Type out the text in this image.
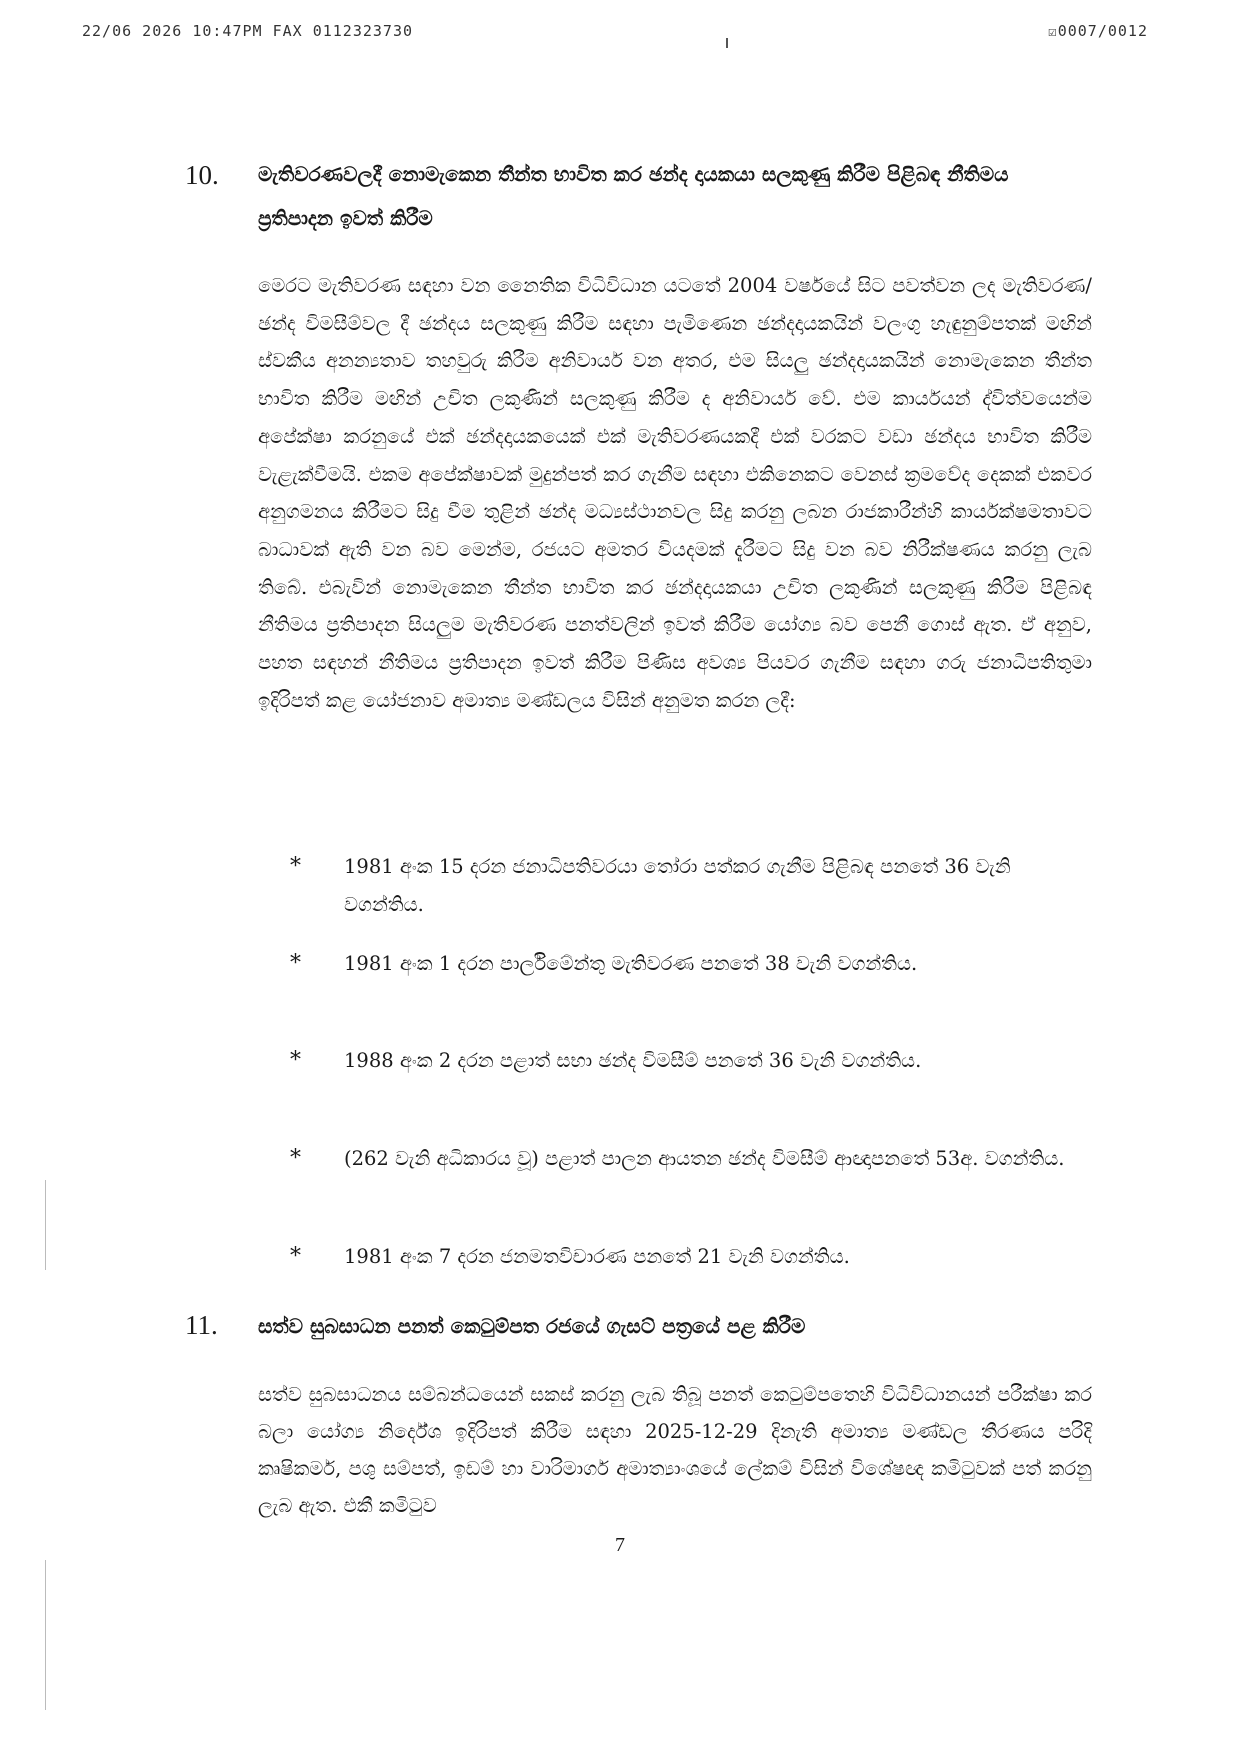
22/06 2026 10:47PM FAX 0112323730	☑0007/0012
10. මැතිවරණවලදී නොමැකෙන තීන්ත භාවිත කර ඡන්ද දායකයා සලකුණු කිරීම පිළිබඳ නීතිමය ප්‍රතිපාදන ඉවත් කිරීම
මෙරට මැතිවරණ සඳහා වන නෛතික විධිවිධාන යටතේ 2004 වර්ෂයේ සිට පවත්වන ලද මැතිවරණ/ඡන්ද විමසීම්වල දී ඡන්දය සලකුණු කිරීම සඳහා පැමිණෙන ඡන්දදායකයින් වලංගු හැඳුනුම්පතක් මඟින් ස්වකීය අනන්‍යතාව තහවුරු කිරීම අනිවාර්ය වන අතර, එම සියලු ඡන්දදායකයින් නොමැකෙන තීන්ත භාවිත කිරීම මඟින් උචිත ලකුණින් සලකුණු කිරීම ද අනිවාර්ය වේ. එම කාර්යයන් ද්විත්වයෙන්ම අපේක්ෂා කරනුයේ එක් ඡන්දදායකයෙක් එක් මැතිවරණයකදී එක් වරකට වඩා ඡන්දය භාවිත කිරීම වැළැක්වීමයි. එකම අපේක්ෂාවක් මුදුන්පත් කර ගැනීම සඳහා එකිනෙකට වෙනස් ක්‍රමවේද දෙකක් එකවර අනුගමනය කිරීමට සිදු වීම තුළින් ඡන්ද මධ්‍යස්ථානවල සිදු කරනු ලබන රාජකාරීන්හි කාර්යක්ෂමතාවට බාධාවක් ඇති වන බව මෙන්ම, රජයට අමතර වියදමක් දැරීමට සිදු වන බව නිරීක්ෂණය කරනු ලැබ තිබේ. එබැවින් නොමැකෙන තීන්ත භාවිත කර ඡන්දදායකයා උචිත ලකුණින් සලකුණු කිරීම පිළිබඳ නීතිමය ප්‍රතිපාදන සියලුම මැතිවරණ පනත්වලින් ඉවත් කිරීම යෝග්‍ය බව පෙනී ගොස් ඇත. ඒ අනුව, පහත සඳහන් නීතිමය ප්‍රතිපාදන ඉවත් කිරීම පිණිස අවශ්‍ය පියවර ගැනීම සඳහා ගරු ජනාධිපතිතුමා ඉදිරිපත් කළ යෝජනාව අමාත්‍ය මණ්ඩලය විසින් අනුමත කරන ලදී:
* 1981 අංක 15 දරන ජනාධිපතිවරයා තෝරා පත්කර ගැනීම පිළිබඳ පනතේ 36 වැනි වගන්තිය.
* 1981 අංක 1 දරන පාර්ලිමේන්තු මැතිවරණ පනතේ 38 වැනි වගන්තිය.
* 1988 අංක 2 දරන පළාත් සභා ඡන්ද විමසීම් පනතේ 36 වැනි වගන්තිය.
* (262 වැනි අධිකාරය වූ) පළාත් පාලන ආයතන ඡන්ද විමසීම් ආඥාපනතේ 53අ. වගන්තිය.
* 1981 අංක 7 දරන ජනමතවිචාරණ පනතේ 21 වැනි වගන්තිය.
11. සත්ව සුබසාධන පනත් කෙටුම්පත රජයේ ගැසට් පත්‍රයේ පළ කිරීම
සත්ව සුබසාධනය සම්බන්ධයෙන් සකස් කරනු ලැබ තිබූ පනත් කෙටුම්පතෙහි විධිවිධානයන් පරීක්ෂා කර බලා යෝග්‍ය නිර්දේශ ඉදිරිපත් කිරීම සඳහා 2025-12-29 දිනැති අමාත්‍ය මණ්ඩල තීරණය පරිදි කෘෂිකර්ම, පශු සම්පත්, ඉඩම් හා වාරිමාර්ග අමාත්‍යාංශයේ ලේකම් විසින් විශේෂඥ කමිටුවක් පත් කරනු ලැබ ඇත. එකී කමිටුව
7
